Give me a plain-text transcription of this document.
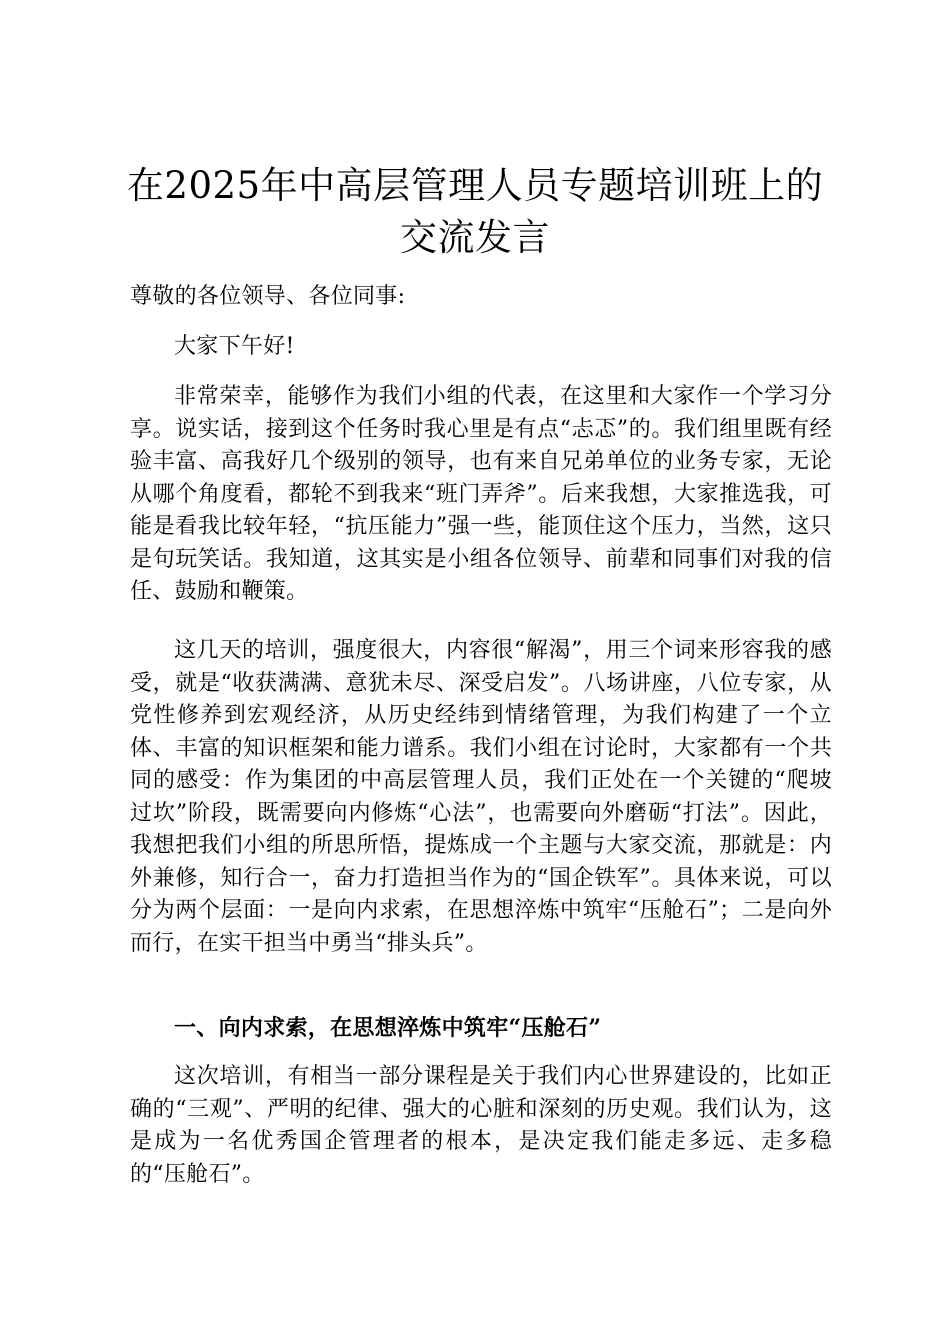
在2025年中高层管理人员专题培训班上的交流发言

尊敬的各位领导、各位同事:

大家下午好!

非常荣幸，能够作为我们小组的代表，在这里和大家作一个学习分享。说实话，接到这个任务时我心里是有点“忐忑”的。我们组里既有经验丰富、高我好几个级别的领导，也有来自兄弟单位的业务专家，无论从哪个角度看，都轮不到我来“班门弄斧”。后来我想，大家推选我，可能是看我比较年轻，“抗压能力”强一些，能顶住这个压力，当然，这只是句玩笑话。我知道，这其实是小组各位领导、前辈和同事们对我的信任、鼓励和鞭策。

这几天的培训，强度很大，内容很“解渴”，用三个词来形容我的感受，就是“收获满满、意犹未尽、深受启发”。八场讲座，八位专家，从党性修养到宏观经济，从历史经纬到情绪管理，为我们构建了一个立体、丰富的知识框架和能力谱系。我们小组在讨论时，大家都有一个共同的感受：作为集团的中高层管理人员，我们正处在一个关键的“爬坡过坎”阶段，既需要向内修炼“心法”，也需要向外磨砺“打法”。因此，我想把我们小组的所思所悟，提炼成一个主题与大家交流，那就是：内外兼修，知行合一，奋力打造担当作为的“国企铁军”。具体来说，可以分为两个层面：一是向内求索，在思想淬炼中筑牢“压舱石”；二是向外而行，在实干担当中勇当“排头兵”。

一、向内求索，在思想淬炼中筑牢“压舱石”

这次培训，有相当一部分课程是关于我们内心世界建设的，比如正确的“三观”、严明的纪律、强大的心脏和深刻的历史观。我们认为，这是成为一名优秀国企管理者的根本，是决定我们能走多远、走多稳的“压舱石”。
